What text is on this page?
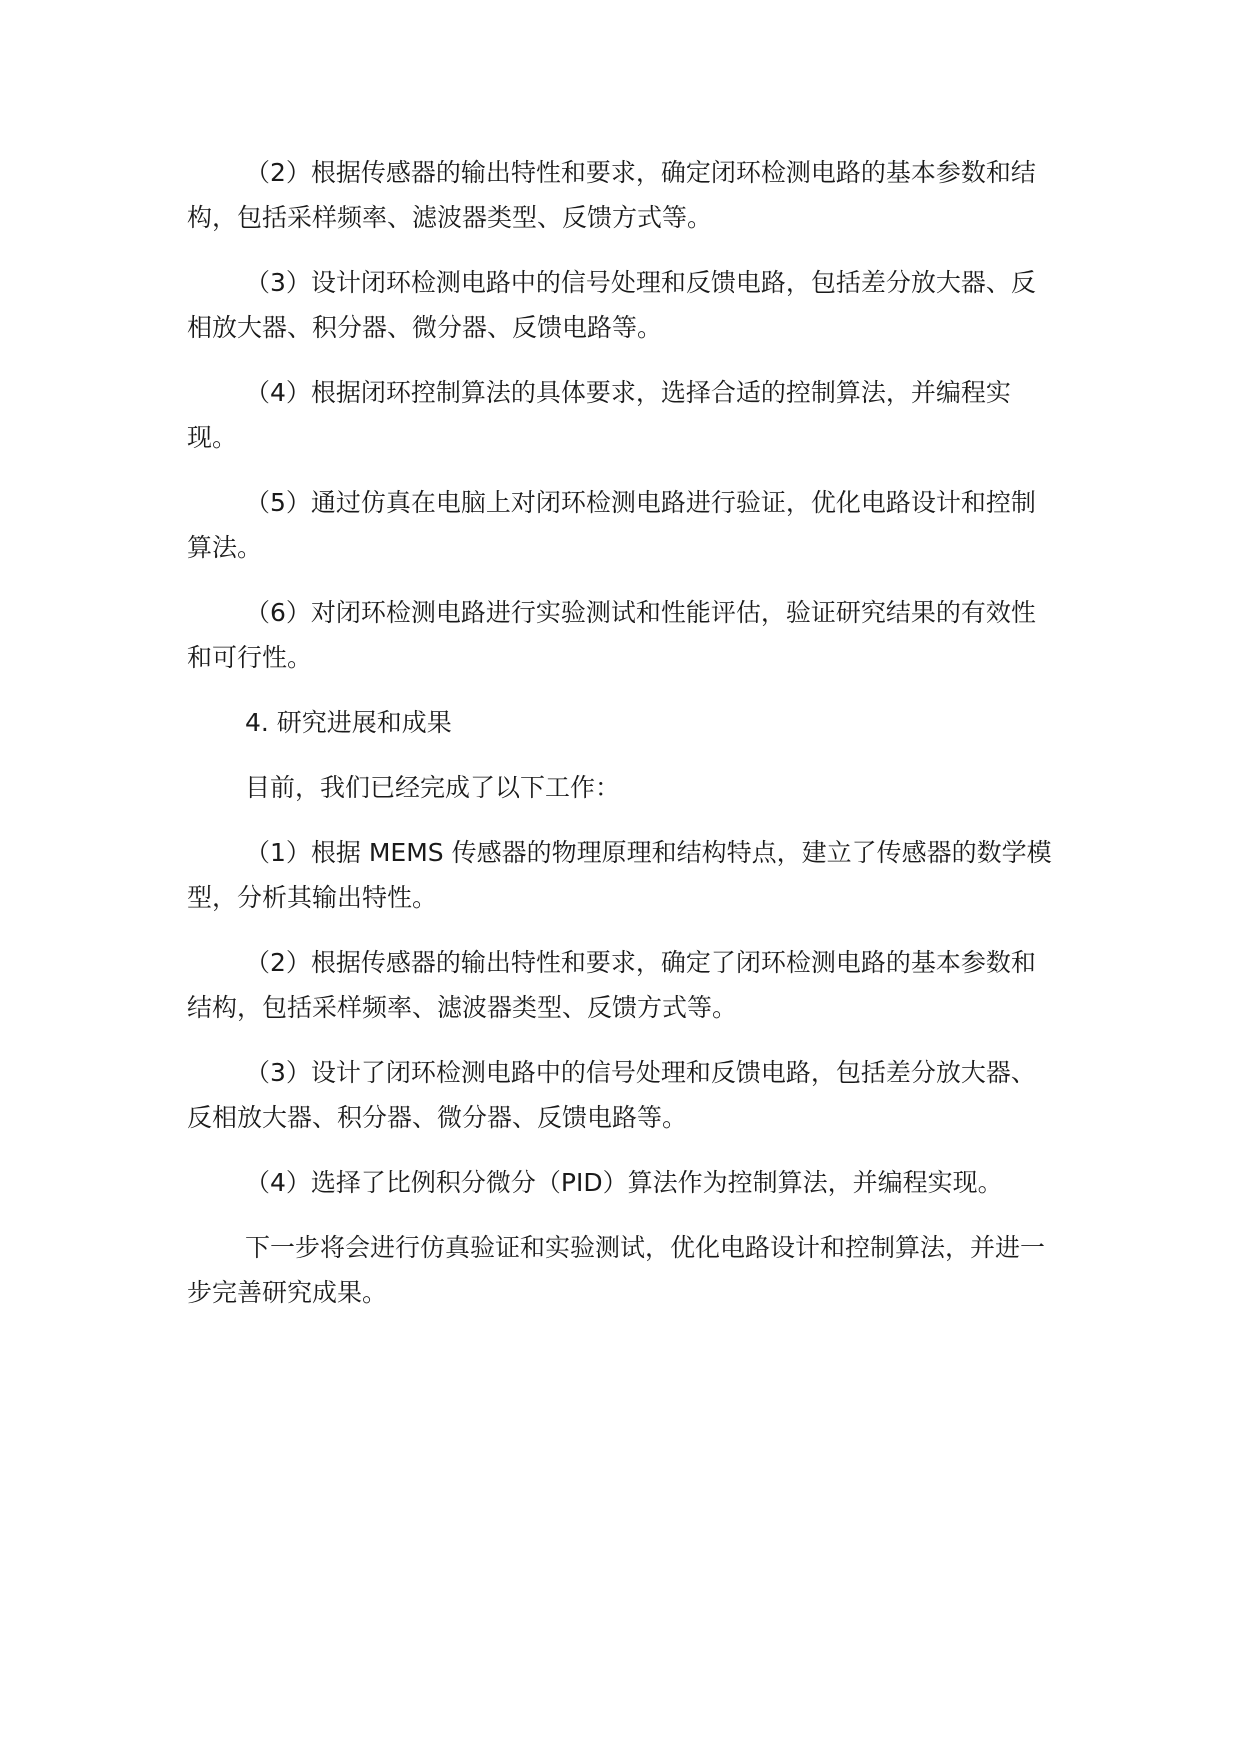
（2）根据传感器的输出特性和要求，确定闭环检测电路的基本参数和结构，包括采样频率、滤波器类型、反馈方式等。

（3）设计闭环检测电路中的信号处理和反馈电路，包括差分放大器、反相放大器、积分器、微分器、反馈电路等。

（4）根据闭环控制算法的具体要求，选择合适的控制算法，并编程实现。

（5）通过仿真在电脑上对闭环检测电路进行验证，优化电路设计和控制算法。

（6）对闭环检测电路进行实验测试和性能评估，验证研究结果的有效性和可行性。

4. 研究进展和成果

目前，我们已经完成了以下工作：

（1）根据 MEMS 传感器的物理原理和结构特点，建立了传感器的数学模型，分析其输出特性。

（2）根据传感器的输出特性和要求，确定了闭环检测电路的基本参数和结构，包括采样频率、滤波器类型、反馈方式等。

（3）设计了闭环检测电路中的信号处理和反馈电路，包括差分放大器、反相放大器、积分器、微分器、反馈电路等。

（4）选择了比例积分微分（PID）算法作为控制算法，并编程实现。

下一步将会进行仿真验证和实验测试，优化电路设计和控制算法，并进一步完善研究成果。
